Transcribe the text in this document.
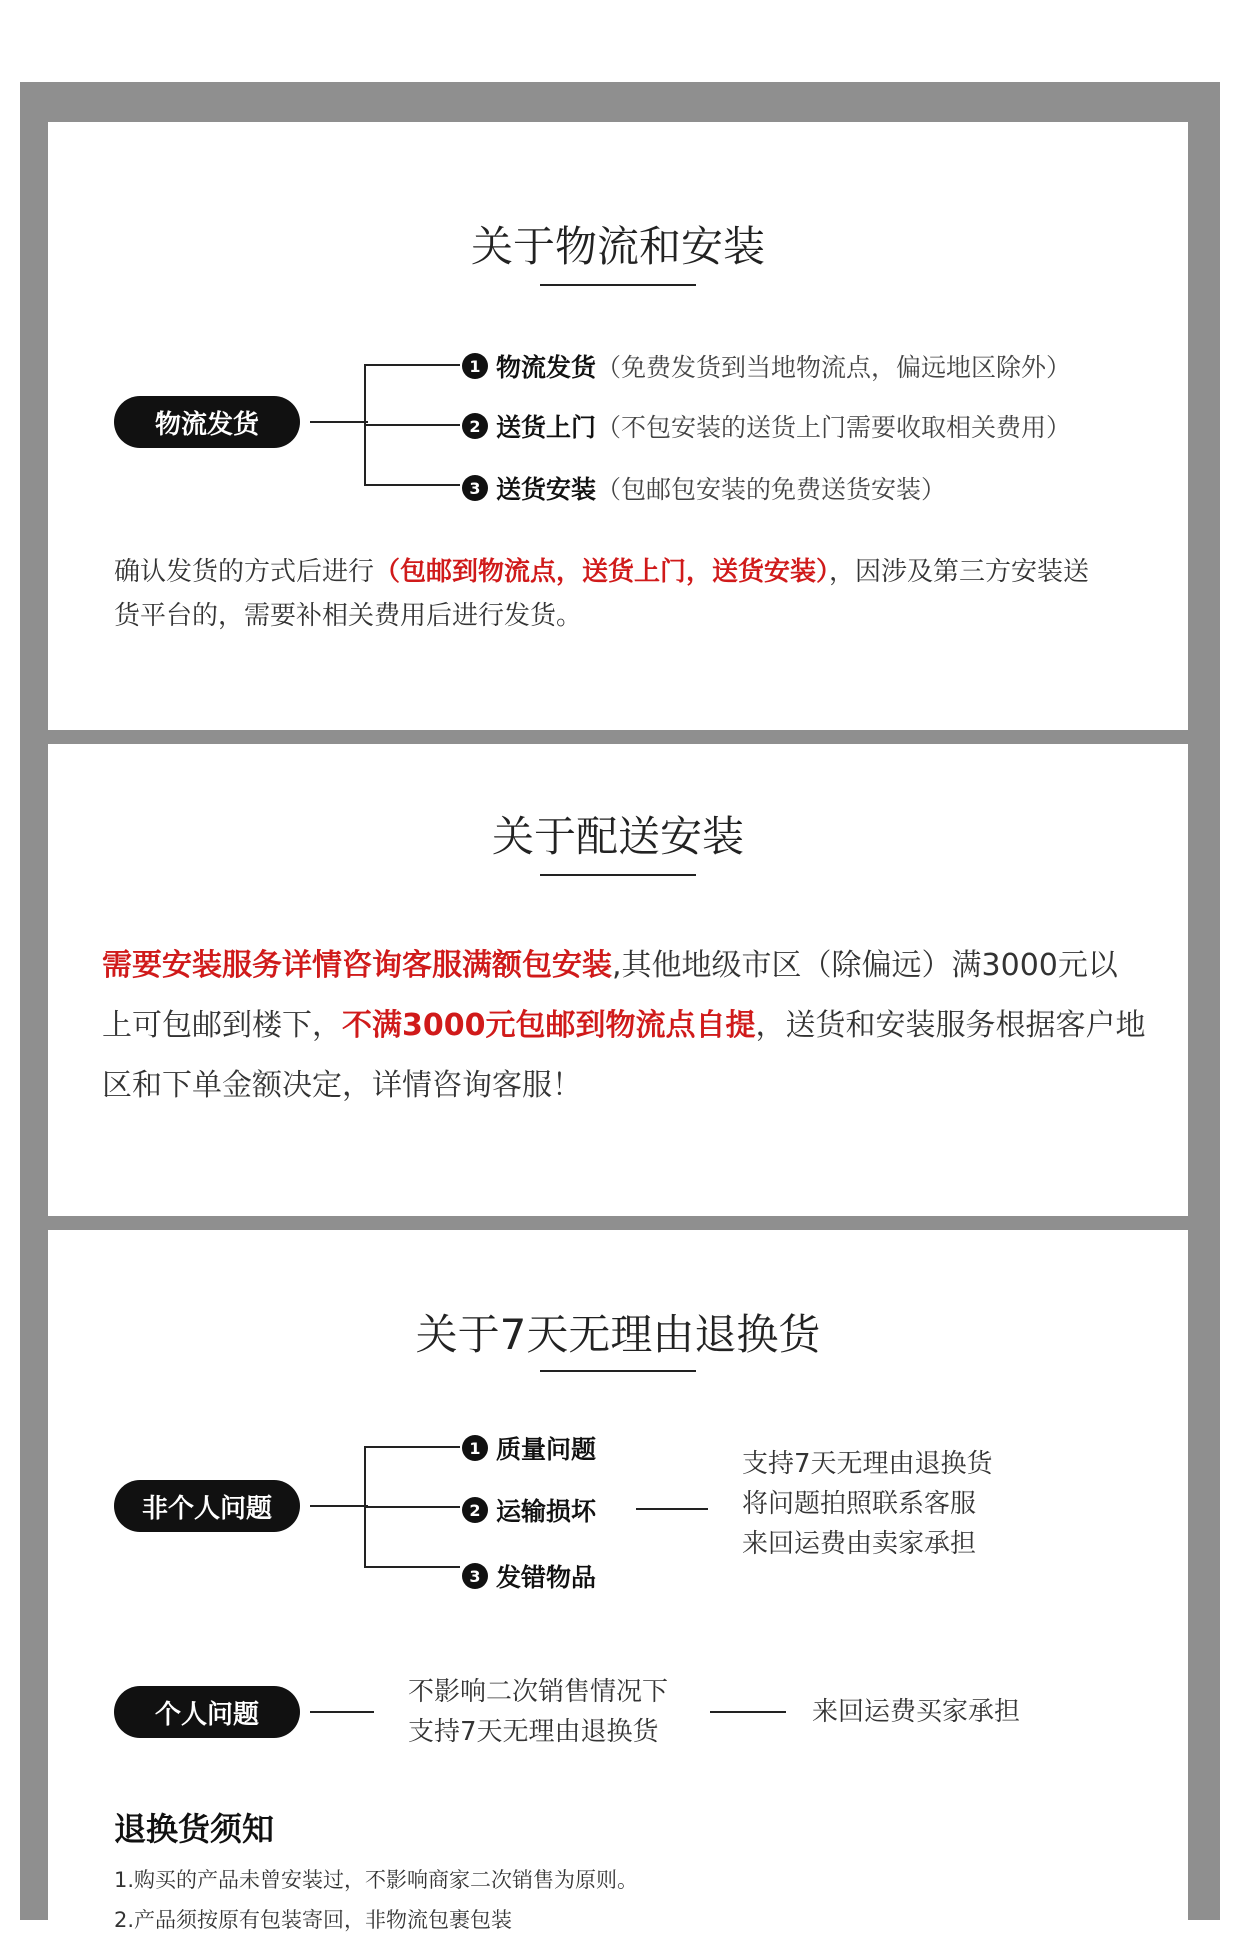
关于物流和安装
物流发货
1 物流发货 （免费发货到当地物流点，偏远地区除外）
2 送货上门 （不包安装的送货上门需要收取相关费用）
3 送货安装 （包邮包安装的免费送货安装）
确认发货的方式后进行（包邮到物流点，送货上门，送货安装），因涉及第三方安装送货平台的，需要补相关费用后进行发货。
关于配送安装
需要安装服务详情咨询客服满额包安装,其他地级市区（除偏远）满3000元以上可包邮到楼下，不满3000元包邮到物流点自提，送货和安装服务根据客户地区和下单金额决定，详情咨询客服！
关于7天无理由退换货
非个人问题
1 质量问题
2 运输损坏
3 发错物品
支持7天无理由退换货
将问题拍照联系客服
来回运费由卖家承担
个人问题
不影响二次销售情况下
支持7天无理由退换货
来回运费买家承担
退换货须知
1.购买的产品未曾安装过，不影响商家二次销售为原则。
2.产品须按原有包装寄回，非物流包裹包装
